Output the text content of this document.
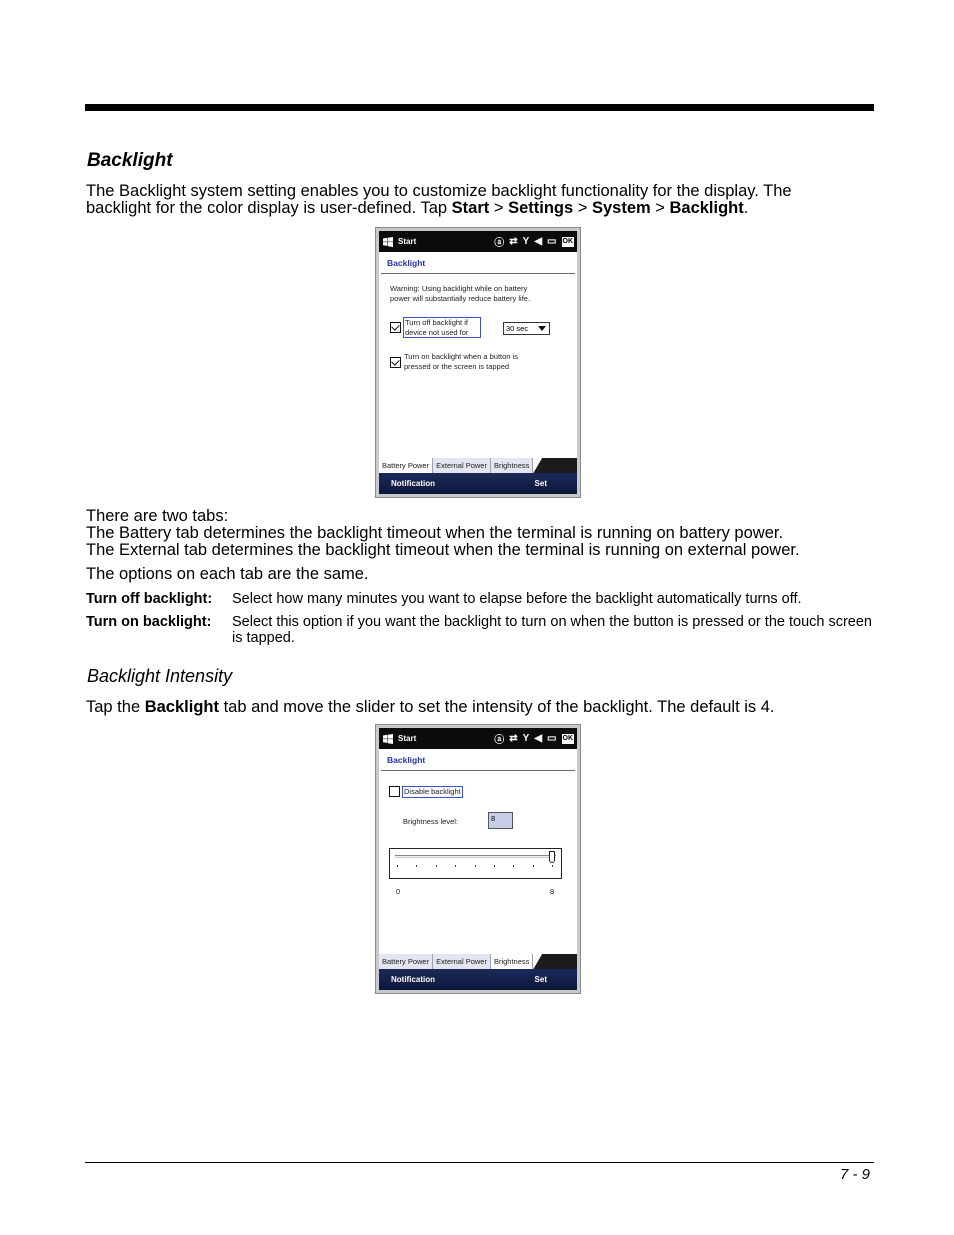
Backlight
The Backlight system setting enables you to customize backlight functionality for the display. The
backlight for the color display is user-defined. Tap Start > Settings > System > Backlight.
Start	ⓐ ⇄ Y ◀ ▭ OK
Backlight
Warning: Using backlight while on battery
power will substantially reduce battery life.
Turn off backlight if
device not used for	30 sec
Turn on backlight when a button is
pressed or the screen is tapped
Battery Power External Power Brightness
Notification	Set
There are two tabs:
The Battery tab determines the backlight timeout when the terminal is running on battery power.
The External tab determines the backlight timeout when the terminal is running on external power.
The options on each tab are the same.
Turn off backlight: Select how many minutes you want to elapse before the backlight automatically turns off.
Turn on backlight: Select this option if you want the backlight to turn on when the button is pressed or the touch screen is tapped.
Backlight Intensity
Tap the Backlight tab and move the slider to set the intensity of the backlight. The default is 4.
Start	ⓐ ⇄ Y ◀ ▭ OK
Backlight
Disable backlight
Brightness level:	8
0	8
Battery Power External Power Brightness
Notification	Set
7 - 9
